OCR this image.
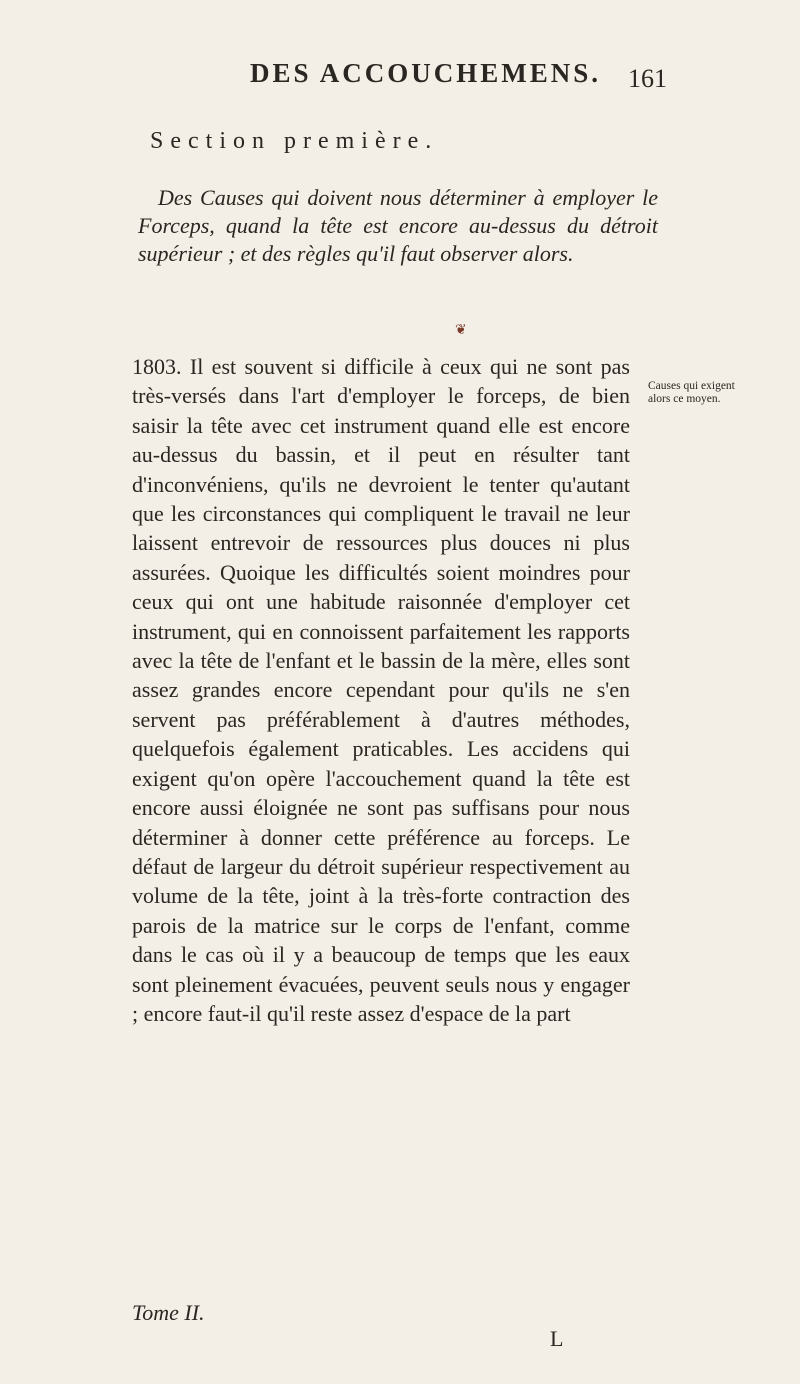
DES ACCOUCHEMENS. 161
Section première.
Des Causes qui doivent nous déterminer à employer le Forceps, quand la tête est encore au-dessus du détroit supérieur ; et des règles qu'il faut observer alors.
❦
1803. Il est souvent si difficile à ceux qui ne sont pas très-versés dans l'art d'employer le forceps, de bien saisir la tête avec cet instrument quand elle est encore au-dessus du bassin, et il peut en résulter tant d'inconvéniens, qu'ils ne devroient le tenter qu'autant que les circonstances qui compliquent le travail ne leur laissent entrevoir de ressources plus douces ni plus assurées. Quoique les difficultés soient moindres pour ceux qui ont une habitude raisonnée d'employer cet instrument, qui en connoissent parfaitement les rapports avec la tête de l'enfant et le bassin de la mère, elles sont assez grandes encore cependant pour qu'ils ne s'en servent pas préférablement à d'autres méthodes, quelquefois également praticables. Les accidens qui exigent qu'on opère l'accouchement quand la tête est encore aussi éloignée ne sont pas suffisans pour nous déterminer à donner cette préférence au forceps. Le défaut de largeur du détroit supérieur respectivement au volume de la tête, joint à la très-forte contraction des parois de la matrice sur le corps de l'enfant, comme dans le cas où il y a beaucoup de temps que les eaux sont pleinement évacuées, peuvent seuls nous y engager ; encore faut-il qu'il reste assez d'espace de la part
Causes qui exigent alors ce moyen.
Tome II.
L
